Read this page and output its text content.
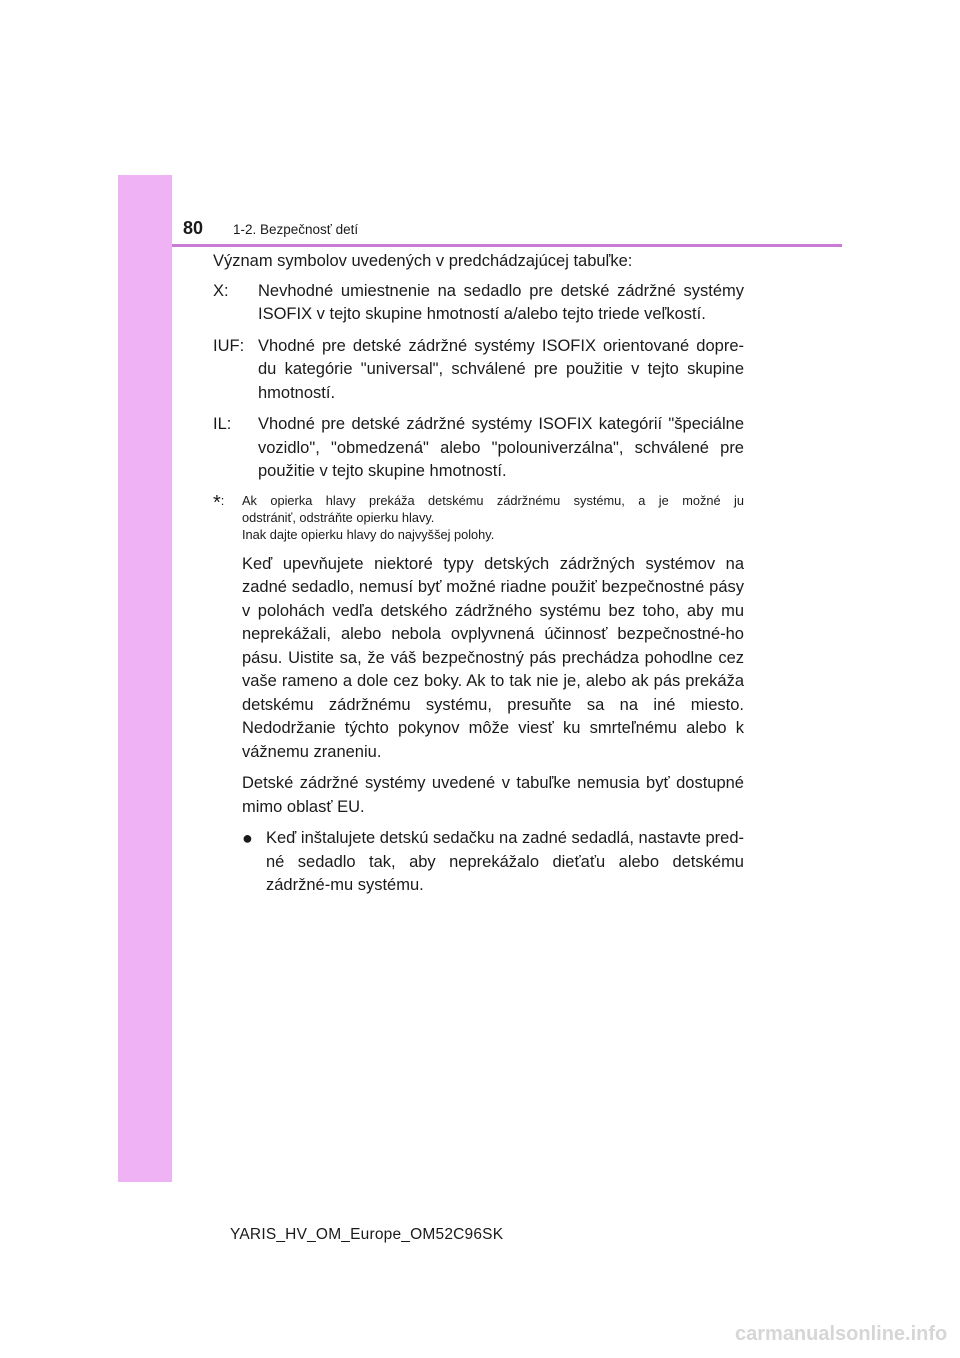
80 1-2. Bezpečnosť detí

Význam symbolov uvedených v predchádzajúcej tabuľke:

X:	Nevhodné umiestnenie na sedadlo pre detské zádržné systémy ISOFIX v tejto skupine hmotností a/alebo tejto triede veľkostí.
IUF: Vhodné pre detské zádržné systémy ISOFIX orientované dopre-du kategórie "universal", schválené pre použitie v tejto skupine hmotností.
IL:	Vhodné pre detské zádržné systémy ISOFIX kategórií "špeciálne vozidlo", "obmedzená" alebo "polouniverzálna", schválené pre použitie v tejto skupine hmotností.
*:	Ak opierka hlavy prekáža detskému zádržnému systému, a je možné ju
odstrániť, odstráňte opierku hlavy.
Inak dajte opierku hlavy do najvyššej polohy.

Keď upevňujete niektoré typy detských zádržných systémov na zadné sedadlo, nemusí byť možné riadne použiť bezpečnostné pásy v polohách vedľa detského zádržného systému bez toho, aby mu neprekážali, alebo nebola ovplyvnená účinnosť bezpečnostné-ho pásu. Uistite sa, že váš bezpečnostný pás prechádza pohodlne cez vaše rameno a dole cez boky. Ak to tak nie je, alebo ak pás prekáža detskému zádržnému systému, presuňte sa na iné miesto. Nedodržanie týchto pokynov môže viesť ku smrteľnému alebo k vážnemu zraneniu.

Detské zádržné systémy uvedené v tabuľke nemusia byť dostupné mimo oblasť EU.

● Keď inštalujete detskú sedačku na zadné sedadlá, nastavte pred-né sedadlo tak, aby neprekážalo dieťaťu alebo detskému zádržné-mu systému.
YARIS_HV_OM_Europe_OM52C96SK
carmanualsonline.info
